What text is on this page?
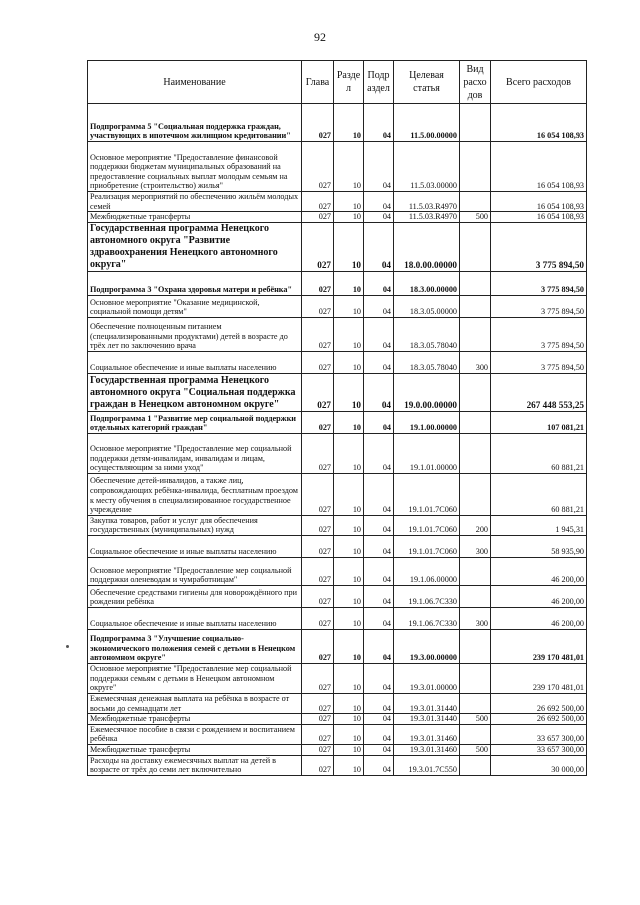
92
Наименование	Глава	Разде л	Подр аздел	Целевая статья	Вид расхо дов	Всего расходов
Подпрограмма 5 "Социальная поддержка граждан, участвующих в ипотечном жилищном кредитовании"	027	10	04	11.5.00.00000		16 054 108,93
Основное мероприятие "Предоставление финансовой поддержки бюджетам муниципальных образований на предоставление социальных выплат молодым семьям на приобретение (строительство) жилья"	027	10	04	11.5.03.00000		16 054 108,93
Реализация мероприятий по обеспечению жильём молодых семей	027	10	04	11.5.03.R4970		16 054 108,93
Межбюджетные трансферты	027	10	04	11.5.03.R4970	500	16 054 108,93
Государственная программа Ненецкого автономного округа "Развитие здравоохранения Ненецкого автономного округа"	027	10	04	18.0.00.00000		3 775 894,50
Подпрограмма 3 "Охрана здоровья матери и ребёнка"	027	10	04	18.3.00.00000		3 775 894,50
Основное мероприятие "Оказание медицинской, социальной помощи детям"	027	10	04	18.3.05.00000		3 775 894,50
Обеспечение полноценным питанием (специализированными продуктами) детей в возрасте до трёх лет по заключению врача	027	10	04	18.3.05.78040		3 775 894,50
Социальное обеспечение и иные выплаты населению	027	10	04	18.3.05.78040	300	3 775 894,50
Государственная программа Ненецкого автономного округа "Социальная поддержка граждан в Ненецком автономном округе"	027	10	04	19.0.00.00000		267 448 553,25
Подпрограмма 1 "Развитие мер социальной поддержки отдельных категорий граждан"	027	10	04	19.1.00.00000		107 081,21
Основное мероприятие "Предоставление мер социальной поддержки детям-инвалидам, инвалидам и лицам, осуществляющим за ними уход"	027	10	04	19.1.01.00000		60 881,21
Обеспечение детей-инвалидов, а также лиц, сопровождающих ребёнка-инвалида, бесплатным проездом к месту обучения в специализированное государственное учреждение	027	10	04	19.1.01.7С060		60 881,21
Закупка товаров, работ и услуг для обеспечения государственных (муниципальных) нужд	027	10	04	19.1.01.7С060	200	1 945,31
Социальное обеспечение и иные выплаты населению	027	10	04	19.1.01.7С060	300	58 935,90
Основное мероприятие "Предоставление мер социальной поддержки оленеводам и чумработницам"	027	10	04	19.1.06.00000		46 200,00
Обеспечение средствами гигиены для новорождённого при рождении ребёнка	027	10	04	19.1.06.7С330		46 200,00
Социальное обеспечение и иные выплаты населению	027	10	04	19.1.06.7С330	300	46 200,00
Подпрограмма 3 "Улучшение социально-экономического положения семей с детьми в Ненецком автономном округе"	027	10	04	19.3.00.00000		239 170 481,01
Основное мероприятие "Предоставление мер социальной поддержки семьям с детьми в Ненецком автономном округе"	027	10	04	19.3.01.00000		239 170 481,01
Ежемесячная денежная выплата на ребёнка в возрасте от восьми до семнадцати лет	027	10	04	19.3.01.31440		26 692 500,00
Межбюджетные трансферты	027	10	04	19.3.01.31440	500	26 692 500,00
Ежемесячное пособие в связи с рождением и воспитанием ребёнка	027	10	04	19.3.01.31460		33 657 300,00
Межбюджетные трансферты	027	10	04	19.3.01.31460	500	33 657 300,00
Расходы на доставку ежемесячных выплат на детей в возрасте от трёх до семи лет включительно	027	10	04	19.3.01.7С550		30 000,00
